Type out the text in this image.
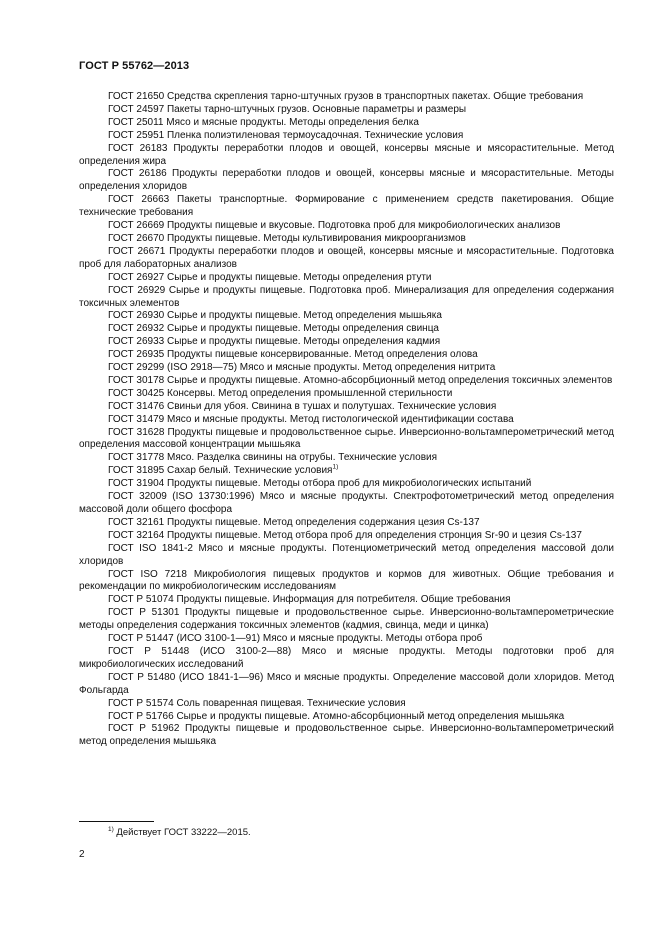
ГОСТ Р 55762—2013

ГОСТ 21650 Средства скрепления тарно-штучных грузов в транспортных пакетах. Общие требования

ГОСТ 24597 Пакеты тарно-штучных грузов. Основные параметры и размеры

ГОСТ 25011 Мясо и мясные продукты. Методы определения белка

ГОСТ 25951 Пленка полиэтиленовая термоусадочная. Технические условия

ГОСТ 26183 Продукты переработки плодов и овощей, консервы мясные и мясорастительные. Метод определения жира

ГОСТ 26186 Продукты переработки плодов и овощей, консервы мясные и мясорастительные. Методы определения хлоридов

ГОСТ 26663 Пакеты транспортные. Формирование с применением средств пакетирования. Общие технические требования

ГОСТ 26669 Продукты пищевые и вкусовые. Подготовка проб для микробиологических анализов

ГОСТ 26670 Продукты пищевые. Методы культивирования микроорганизмов

ГОСТ 26671 Продукты переработки плодов и овощей, консервы мясные и мясорастительные. Подготовка проб для лабораторных анализов

ГОСТ 26927 Сырье и продукты пищевые. Методы определения ртути

ГОСТ 26929 Сырье и продукты пищевые. Подготовка проб. Минерализация для определения содержания токсичных элементов

ГОСТ 26930 Сырье и продукты пищевые. Метод определения мышьяка

ГОСТ 26932 Сырье и продукты пищевые. Методы определения свинца

ГОСТ 26933 Сырье и продукты пищевые. Методы определения кадмия

ГОСТ 26935 Продукты пищевые консервированные. Метод определения олова

ГОСТ 29299 (ISO 2918—75) Мясо и мясные продукты. Метод определения нитрита

ГОСТ 30178 Сырье и продукты пищевые. Атомно-абсорбционный метод определения токсичных элементов

ГОСТ 30425 Консервы. Метод определения промышленной стерильности

ГОСТ 31476 Свиньи для убоя. Свинина в тушах и полутушах. Технические условия

ГОСТ 31479 Мясо и мясные продукты. Метод гистологической идентификации состава

ГОСТ 31628 Продукты пищевые и продовольственное сырье. Инверсионно-вольтамперометрический метод определения массовой концентрации мышьяка

ГОСТ 31778 Мясо. Разделка свинины на отрубы. Технические условия

ГОСТ 31895 Сахар белый. Технические условия$^{1)}$

ГОСТ 31904 Продукты пищевые. Методы отбора проб для микробиологических испытаний

ГОСТ 32009 (ISO 13730:1996) Мясо и мясные продукты. Спектрофотометрический метод определения массовой доли общего фосфора

ГОСТ 32161 Продукты пищевые. Метод определения содержания цезия Cs-137

ГОСТ 32164 Продукты пищевые. Метод отбора проб для определения стронция Sr-90 и цезия Cs-137

ГОСТ ISO 1841-2 Мясо и мясные продукты. Потенциометрический метод определения массовой доли хлоридов

ГОСТ ISO 7218 Микробиология пищевых продуктов и кормов для животных. Общие требования и рекомендации по микробиологическим исследованиям

ГОСТ Р 51074 Продукты пищевые. Информация для потребителя. Общие требования

ГОСТ Р 51301 Продукты пищевые и продовольственное сырье. Инверсионно-вольтамперометрические методы определения содержания токсичных элементов (кадмия, свинца, меди и цинка)

ГОСТ Р 51447 (ИСО 3100-1—91) Мясо и мясные продукты. Методы отбора проб

ГОСТ Р 51448 (ИСО 3100-2—88) Мясо и мясные продукты. Методы подготовки проб для микробиологических исследований

ГОСТ Р 51480 (ИСО 1841-1—96) Мясо и мясные продукты. Определение массовой доли хлоридов. Метод Фольгарда

ГОСТ Р 51574 Соль поваренная пищевая. Технические условия

ГОСТ Р 51766 Сырье и продукты пищевые. Атомно-абсорбционный метод определения мышьяка

ГОСТ Р 51962 Продукты пищевые и продовольственное сырье. Инверсионно-вольтамперометрический метод определения мышьяка

$^{1)}$ Действует ГОСТ 33222—2015.
2
